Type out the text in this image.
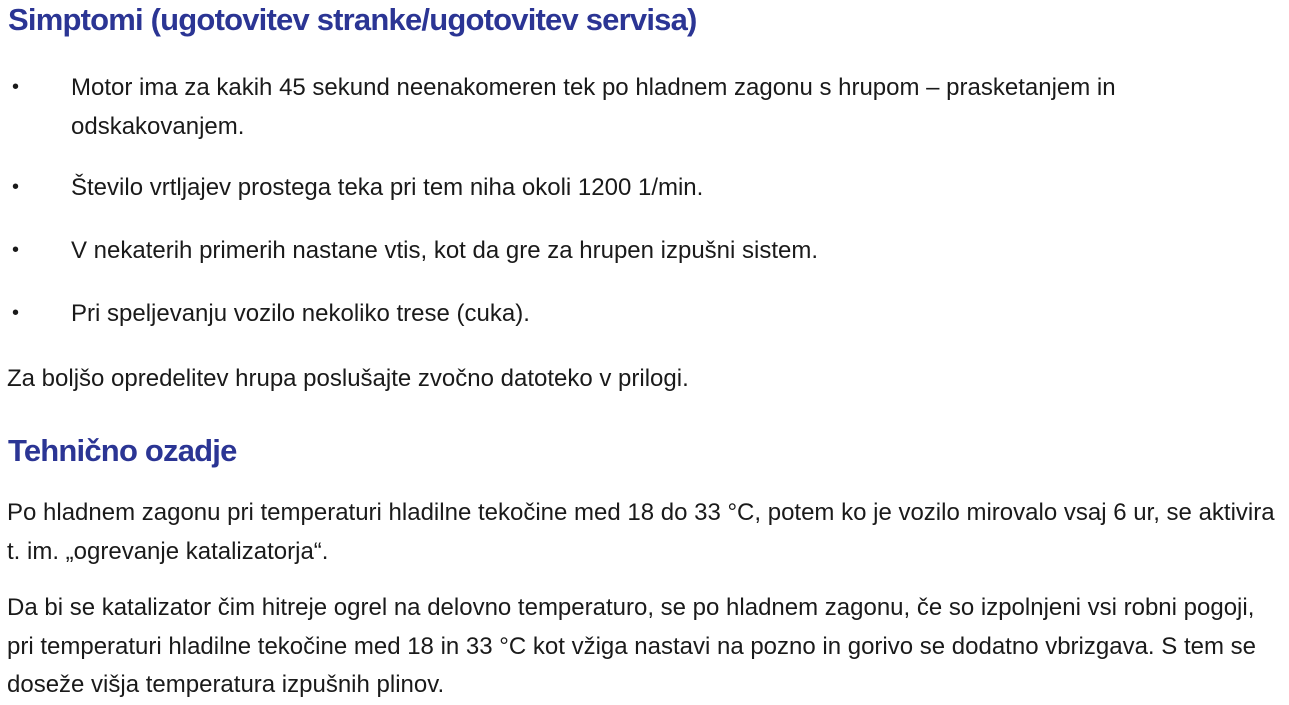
Simptomi (ugotovitev stranke/ugotovitev servisa)
• Motor ima za kakih 45 sekund neenakomeren tek po hladnem zagonu s hrupom – prasketanjem in odskakovanjem.
• Število vrtljajev prostega teka pri tem niha okoli 1200 1/min.
• V nekaterih primerih nastane vtis, kot da gre za hrupen izpušni sistem.
• Pri speljevanju vozilo nekoliko trese (cuka).

Za boljšo opredelitev hrupa poslušajte zvočno datoteko v prilogi.

Tehnično ozadje

Po hladnem zagonu pri temperaturi hladilne tekočine med 18 do 33 °C, potem ko je vozilo mirovalo vsaj 6 ur, se aktivira t. im. „ogrevanje katalizatorja“.

Da bi se katalizator čim hitreje ogrel na delovno temperaturo, se po hladnem zagonu, če so izpolnjeni vsi robni pogoji, pri temperaturi hladilne tekočine med 18 in 33 °C kot vžiga nastavi na pozno in gorivo se dodatno vbrizgava. S tem se doseže višja temperatura izpušnih plinov.
